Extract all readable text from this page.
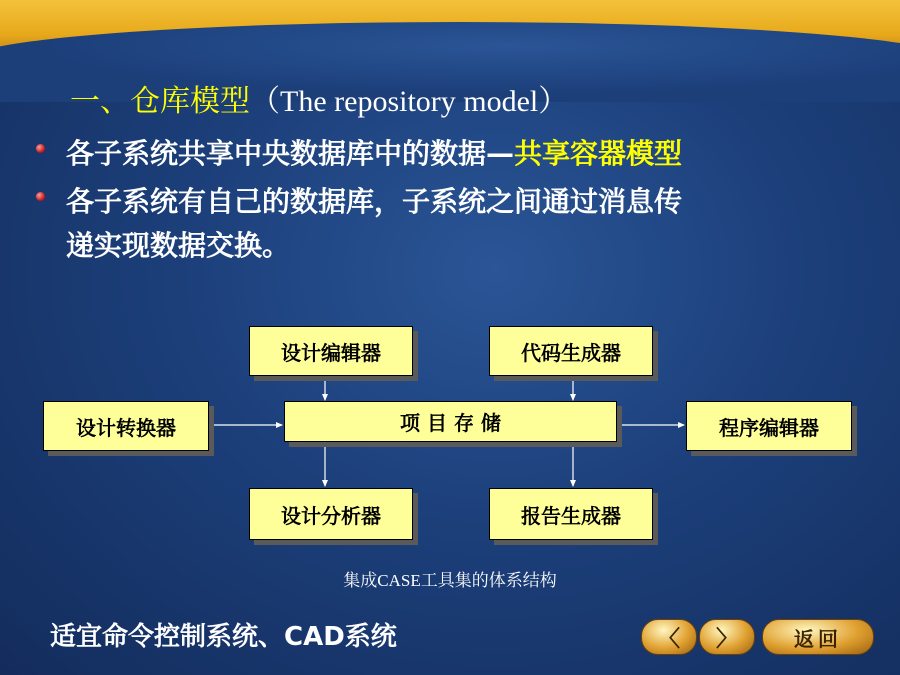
一、仓库模型（The repository model）
各子系统共享中央数据库中的数据—共享容器模型
各子系统有自己的数据库，子系统之间通过消息传
递实现数据交换。
设计编辑器	代码生成器
设计转换器	项 目 存 储	程序编辑器
设计分析器	报告生成器
集成CASE工具集的体系结构
适宜命令控制系统、CAD系统	〈 〉	返回
